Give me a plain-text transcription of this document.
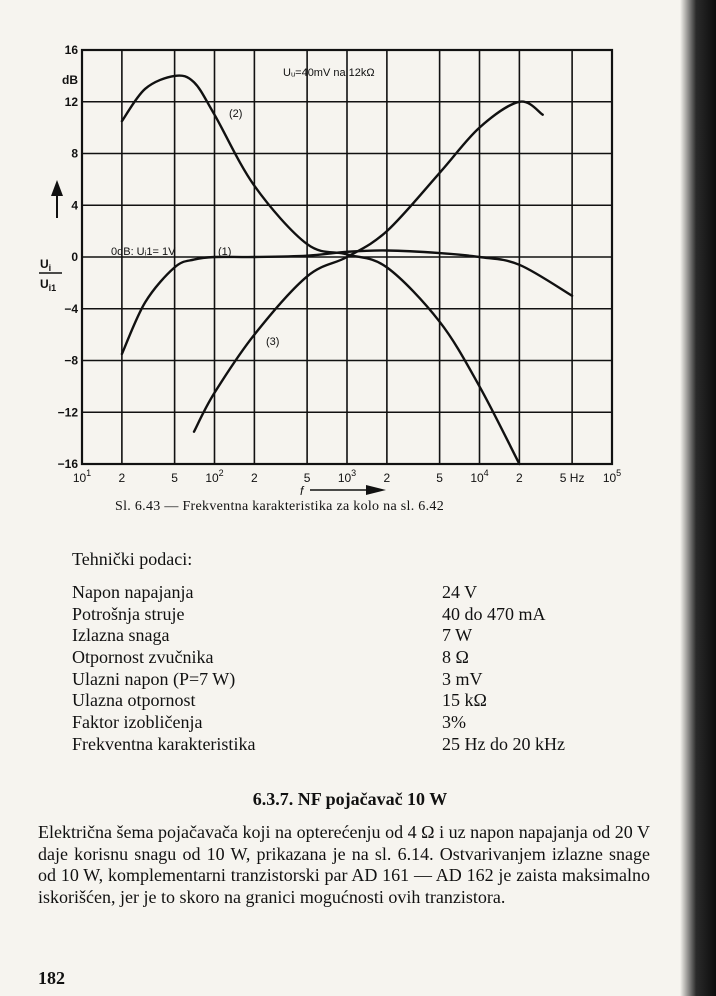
16
12
8
4
0
−4
−8
−12
−16
$10^1$ 2	5 $10^2$ 2	5 $10^3$ 2	5 $10^4$ 2	5 Hz $10^5$
dB
$U_i$
$U_{i1}$
Uᵤ=40mV na 12kΩ
0dB: Uᵢ1= 1V	(1)
(2)
(3)
f
Sl. 6.43 — Frekventna karakteristika za kolo na sl. 6.42
Tehnički podaci:
Napon napajanja	24 V
Potrošnja struje	40 do 470 mA
Izlazna snaga	7 W
Otpornost zvučnika	8 Ω
Ulazni napon (P=7 W)	3 mV
Ulazna otpornost	15 kΩ
Faktor izobličenja	3%
Frekventna karakteristika	25 Hz do 20 kHz
6.3.7. NF pojačavač 10 W

Električna šema pojačavača koji na opterećenju od 4 Ω i uz napon napajanja od 20 V daje korisnu snagu od 10 W, prikazana je na sl. 6.14. Ostvarivanjem izlazne snage od 10 W, komplementarni tranzistorski par AD 161 — AD 162 je zaista maksimalno iskorišćen, jer je to skoro na granici mogućnosti ovih tranzistora.

182
